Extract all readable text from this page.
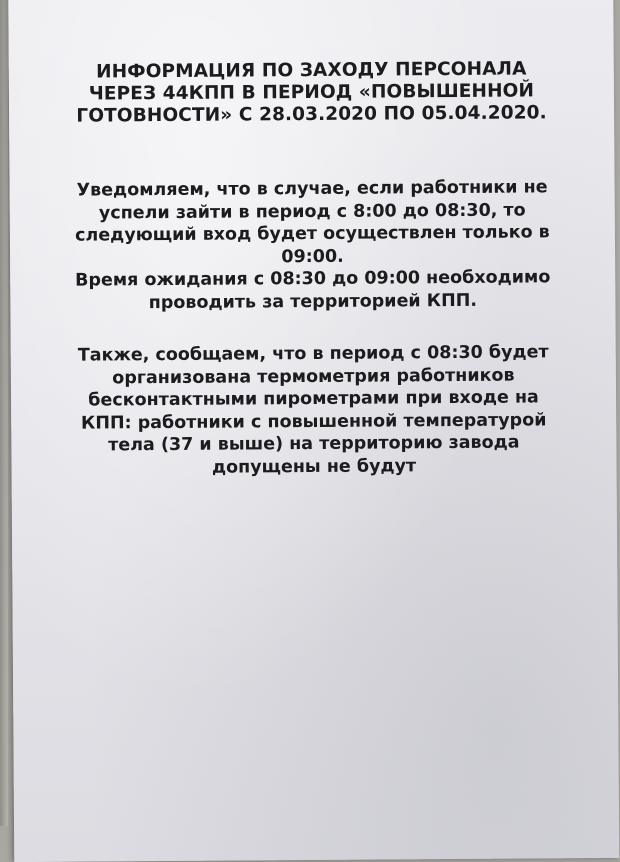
ИНФОРМАЦИЯ ПО ЗАХОДУ ПЕРСОНАЛА
ЧЕРЕЗ 44КПП В ПЕРИОД «ПОВЫШЕННОЙ
ГОТОВНОСТИ» С 28.03.2020 ПО 05.04.2020.
Уведомляем, что в случае, если работники не
успели зайти в период с 8:00 до 08:30, то
следующий вход будет осуществлен только в
09:00.
Время ожидания с 08:30 до 09:00 необходимо
проводить за территорией КПП.
Также, сообщаем, что в период с 08:30 будет
организована термометрия работников
бесконтактными пирометрами при входе на
КПП: работники с повышенной температурой
тела (37 и выше) на территорию завода
допущены не будут
